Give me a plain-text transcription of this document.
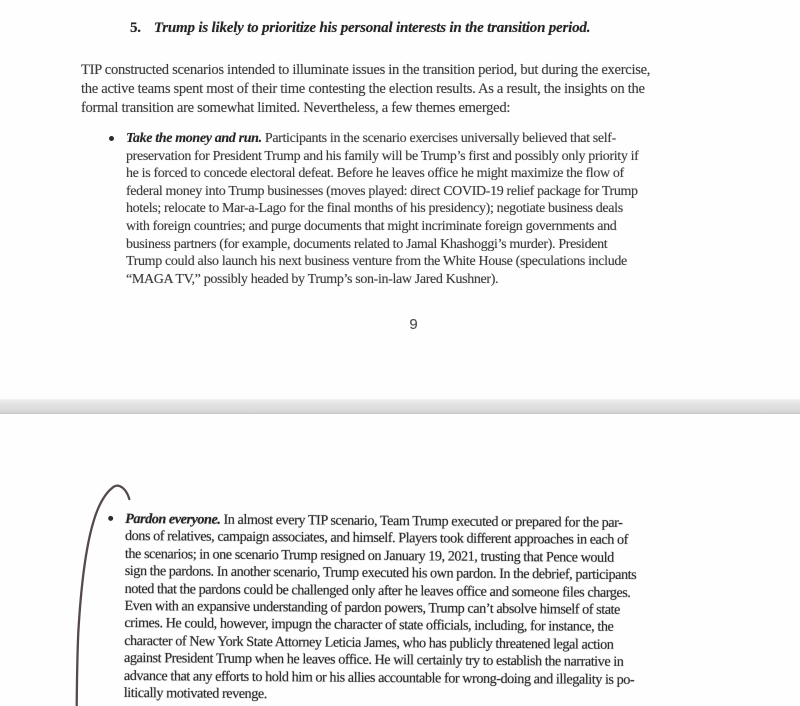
5. Trump is likely to prioritize his personal interests in the transition period.
TIP constructed scenarios intended to illuminate issues in the transition period, but during the exercise,
the active teams spent most of their time contesting the election results. As a result, the insights on the
formal transition are somewhat limited. Nevertheless, a few themes emerged:
Take the money and run. Participants in the scenario exercises universally believed that self-
preservation for President Trump and his family will be Trump’s first and possibly only priority if
he is forced to concede electoral defeat. Before he leaves office he might maximize the flow of
federal money into Trump businesses (moves played: direct COVID-19 relief package for Trump
hotels; relocate to Mar-a-Lago for the final months of his presidency); negotiate business deals
with foreign countries; and purge documents that might incriminate foreign governments and
business partners (for example, documents related to Jamal Khashoggi’s murder). President
Trump could also launch his next business venture from the White House (speculations include
“MAGA TV,” possibly headed by Trump’s son-in-law Jared Kushner).
9
Pardon everyone. In almost every TIP scenario, Team Trump executed or prepared for the par-
dons of relatives, campaign associates, and himself. Players took different approaches in each of
the scenarios; in one scenario Trump resigned on January 19, 2021, trusting that Pence would
sign the pardons. In another scenario, Trump executed his own pardon. In the debrief, participants
noted that the pardons could be challenged only after he leaves office and someone files charges.
Even with an expansive understanding of pardon powers, Trump can’t absolve himself of state
crimes. He could, however, impugn the character of state officials, including, for instance, the
character of New York State Attorney Leticia James, who has publicly threatened legal action
against President Trump when he leaves office. He will certainly try to establish the narrative in
advance that any efforts to hold him or his allies accountable for wrong-doing and illegality is po-
litically motivated revenge.
